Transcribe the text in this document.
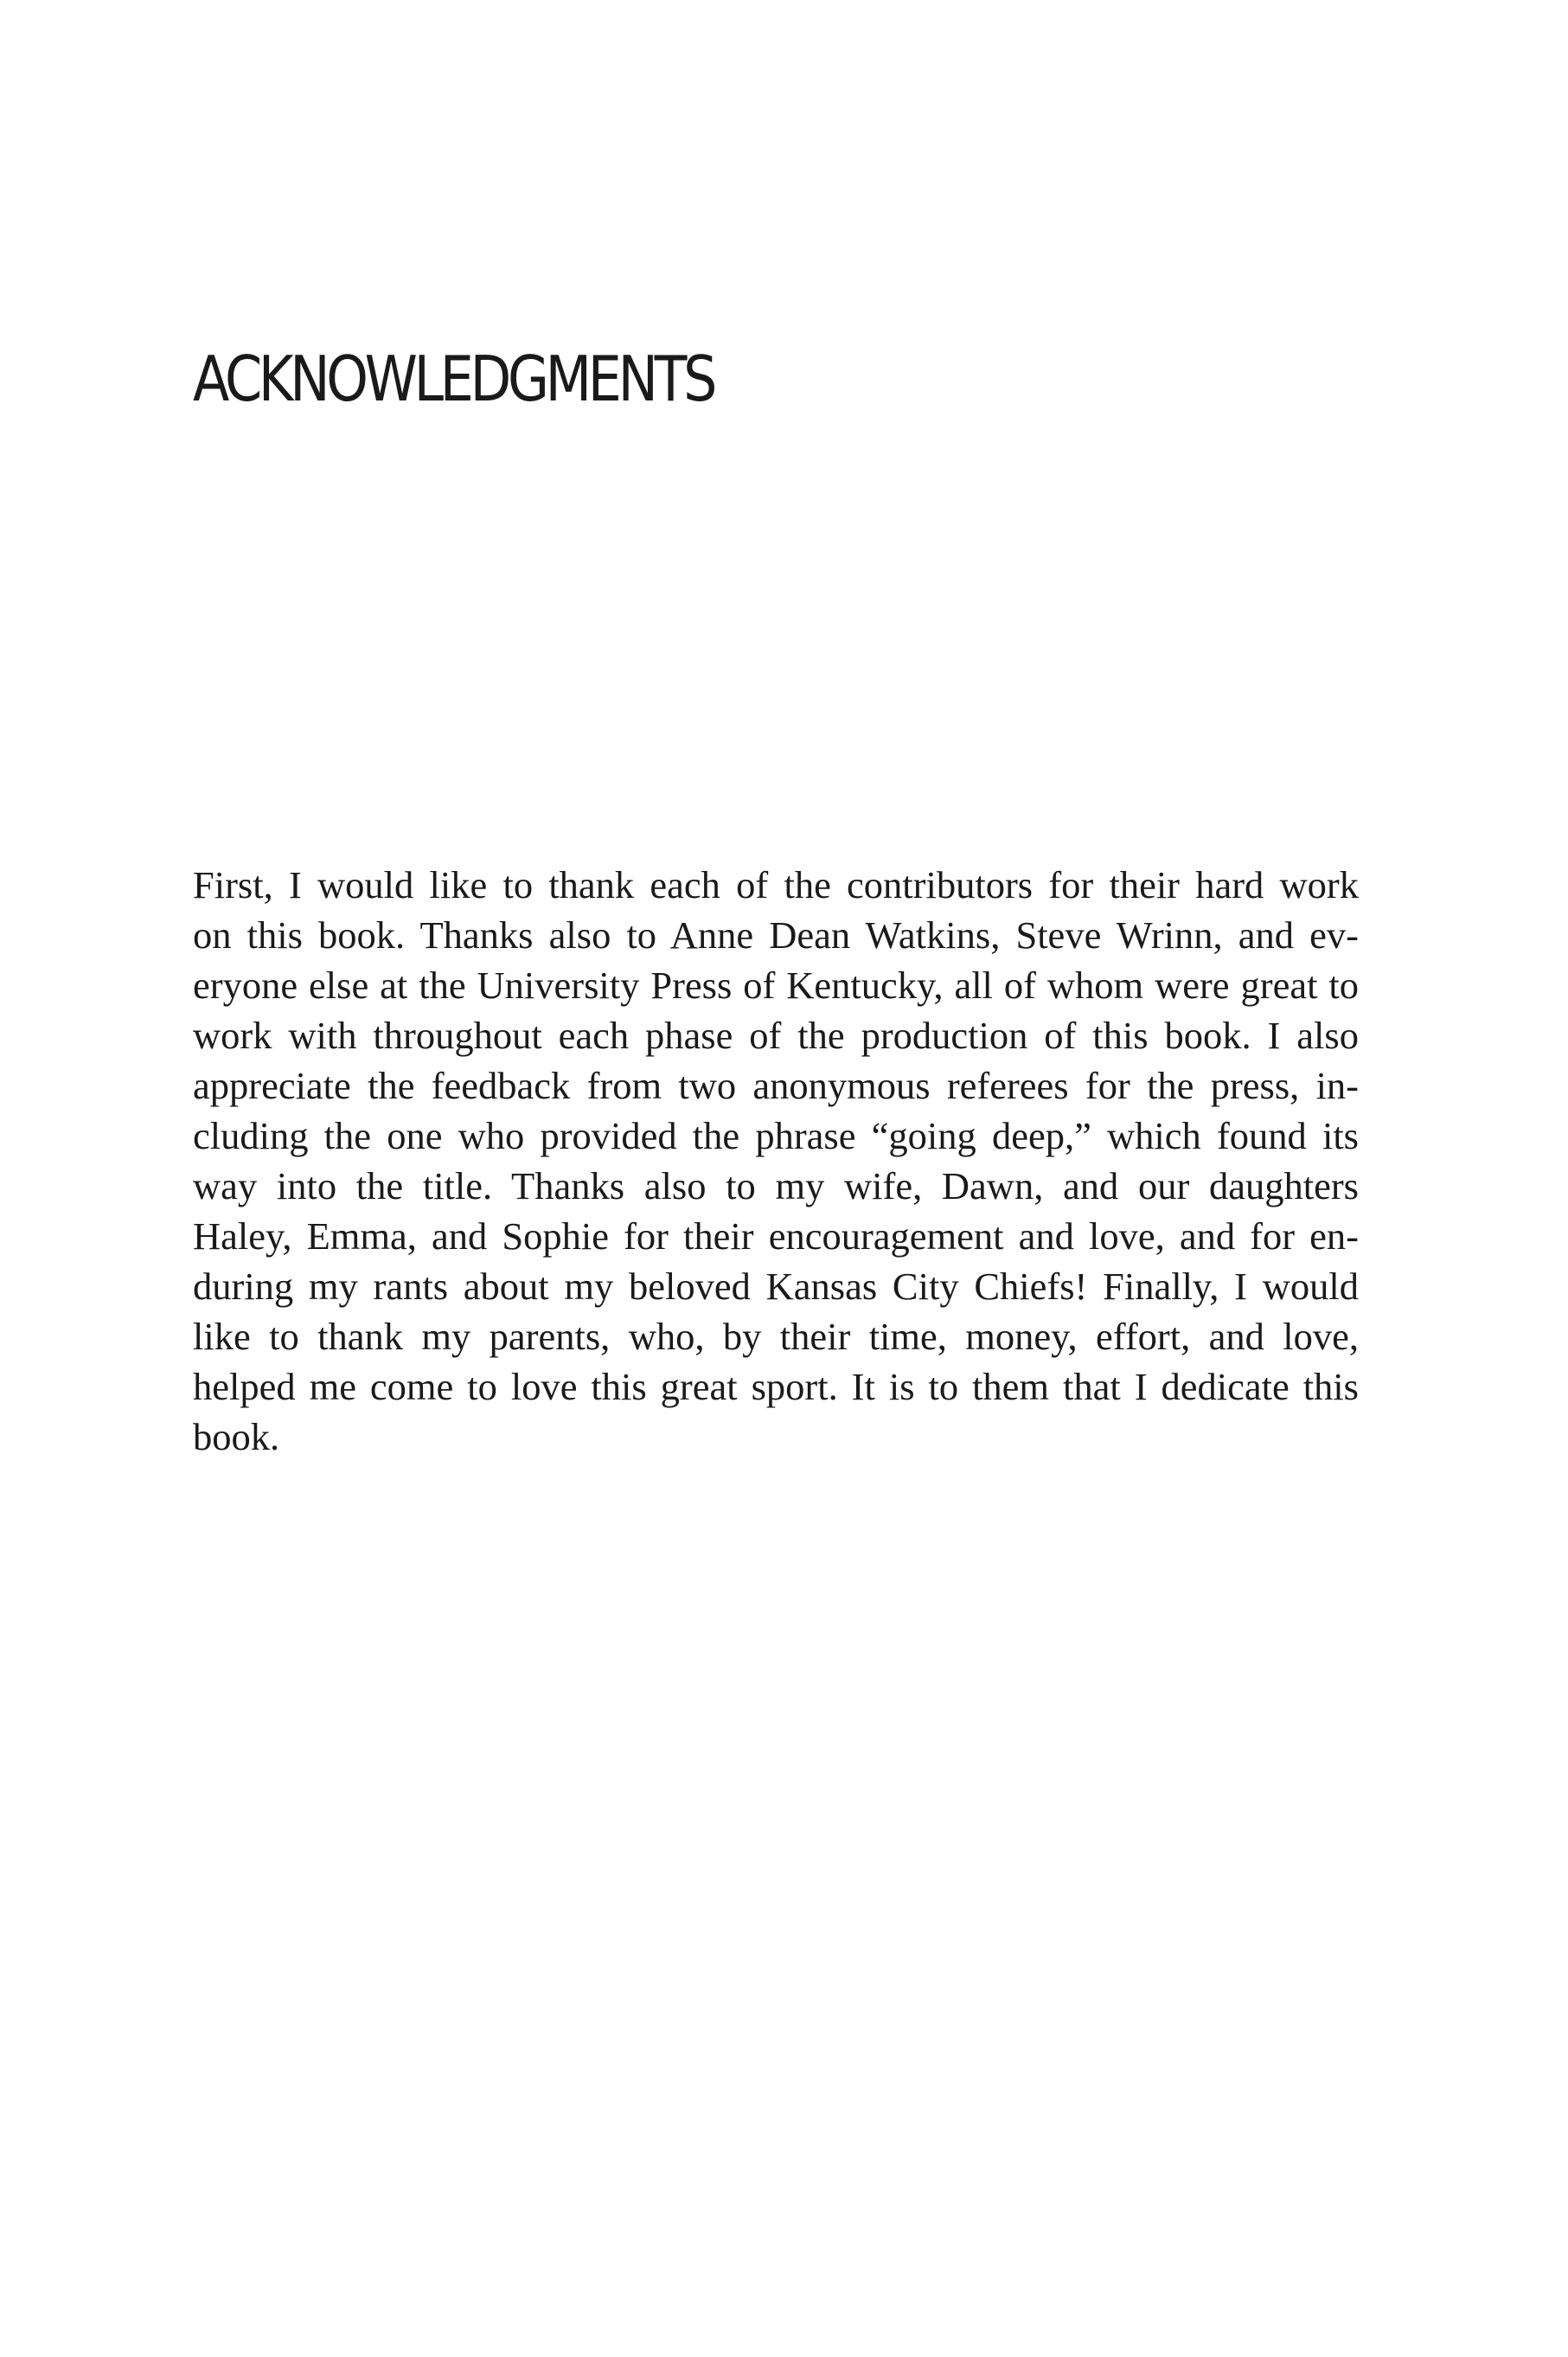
ACKNOWLEDGMENTS

First, I would like to thank each of the contributors for their hard work
on this book. Thanks also to Anne Dean Watkins, Steve Wrinn, and ev-
eryone else at the University Press of Kentucky, all of whom were great to
work with throughout each phase of the production of this book. I also
appreciate the feedback from two anonymous referees for the press, in-
cluding the one who provided the phrase “going deep,” which found its
way into the title. Thanks also to my wife, Dawn, and our daughters
Haley, Emma, and Sophie for their encouragement and love, and for en-
during my rants about my beloved Kansas City Chiefs! Finally, I would
like to thank my parents, who, by their time, money, effort, and love,
helped me come to love this great sport. It is to them that I dedicate this
book.
